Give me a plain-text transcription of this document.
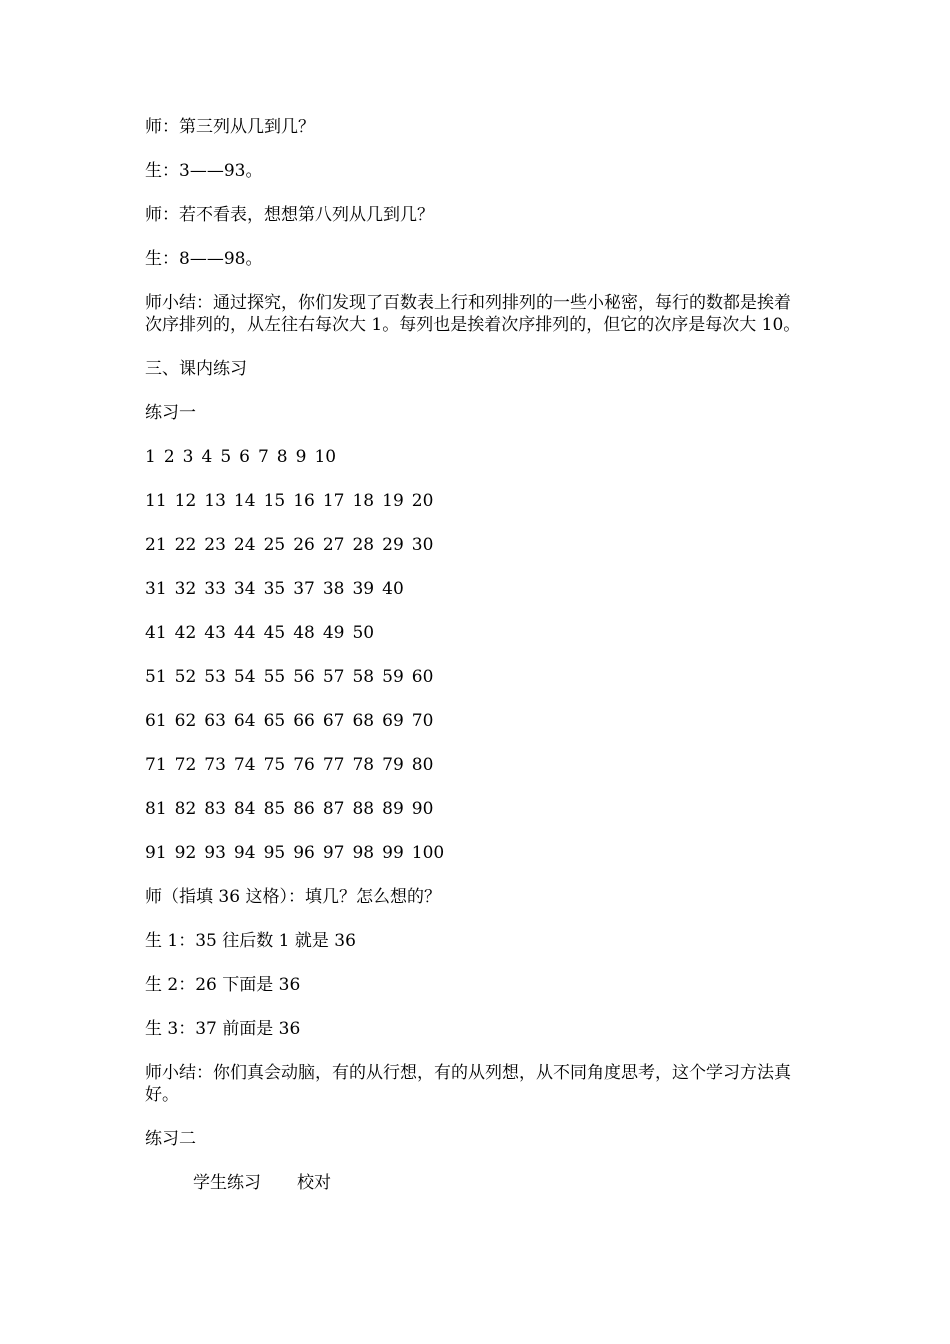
师：第三列从几到几？

生：3——93。

师：若不看表，想想第八列从几到几？

生：8——98。

师小结：通过探究，你们发现了百数表上行和列排列的一些小秘密，每行的数都是挨着次序排列的，从左往右每次大 1。每列也是挨着次序排列的，但它的次序是每次大 10。

三、课内练习

练习一

1 2 3 4 5 6 7 8 9 10
11 12 13 14 15 16 17 18 19 20
21 22 23 24 25 26 27 28 29 30
31 32 33 34 35 37 38 39 40
41 42 43 44 45 48 49 50
51 52 53 54 55 56 57 58 59 60
61 62 63 64 65 66 67 68 69 70
71 72 73 74 75 76 77 78 79 80
81 82 83 84 85 86 87 88 89 90
91 92 93 94 95 96 97 98 99 100

师（指填 36 这格）：填几？怎么想的？

生 1：35 往后数 1 就是 36

生 2：26 下面是 36

生 3：37 前面是 36

师小结：你们真会动脑，有的从行想，有的从列想，从不同角度思考，这个学习方法真好。

练习二

学生练习 校对
